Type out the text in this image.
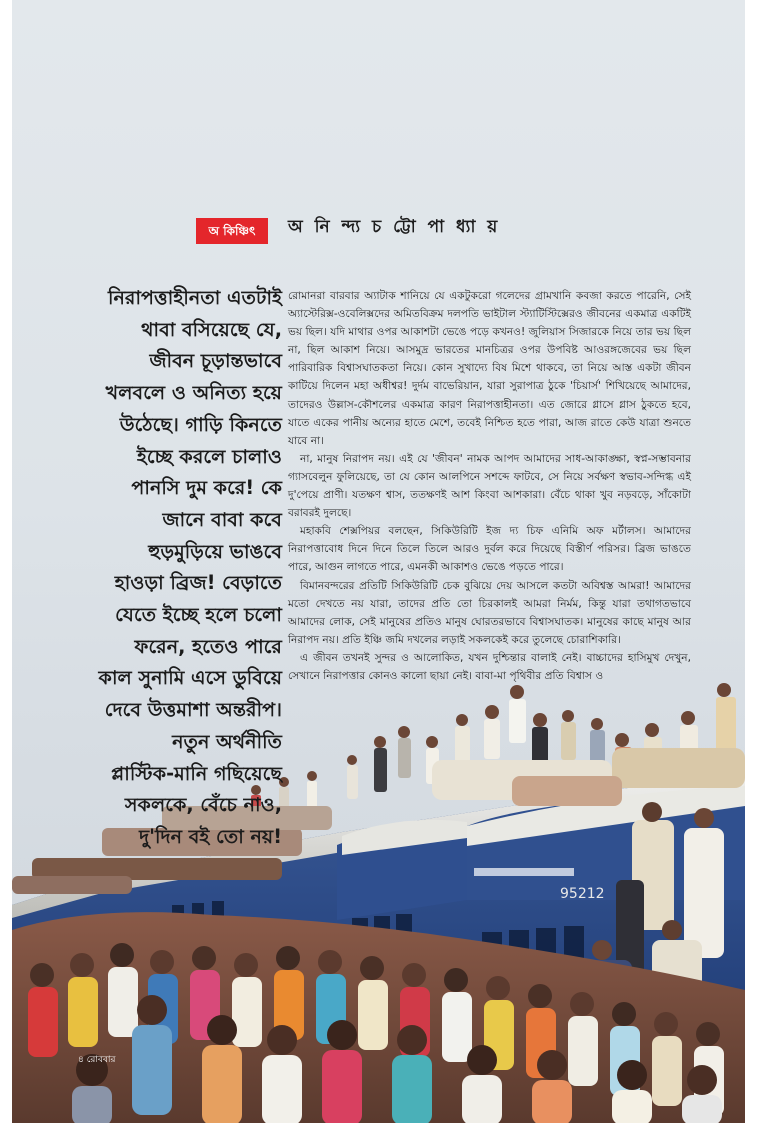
95212
৪ রোববার
অ কিঞ্চিৎ	অ নি ন্দ্য চ ট্টো পা ধ্যা য়

নিরাপত্তাহীনতা এতটাই

থাবা বসিয়েছে যে,

জীবন চূড়ান্তভাবে

খলবলে ও অনিত্য হয়ে

উঠেছে। গাড়ি কিনতে

ইচ্ছে করলে চালাও

পানসি দুম করে! কে

জানে বাবা কবে

হুড়মুড়িয়ে ভাঙবে

হাওড়া ব্রিজ! বেড়াতে

যেতে ইচ্ছে হলে চলো

ফরেন, হতেও পারে

কাল সুনামি এসে ডুবিয়ে

দেবে উত্তমাশা অন্তরীপ।

নতুন অর্থনীতি

প্লাস্টিক-মানি গছিয়েছে

সকলকে, বেঁচে নাও,

দু'দিন বই তো নয়!

রোমানরা বারবার অ্যাটাক শানিয়ে যে একটুকরো গলেদের গ্রামখানি কবজা করতে পারেনি, সেই অ্যাস্টেরিক্স-ওবেলিক্সদের অমিতবিক্রম দলপতি ভাইটাল স্ট্যাটিস্টিক্সেরও জীবনের একমাত্র একটিই ভয় ছিল। যদি মাথার ওপর আকাশটা ভেঙে পড়ে কখনও! জুলিয়াস সিজারকে নিয়ে তার ভয় ছিল না, ছিল আকাশ নিয়ে। আসমুদ্র ভারতের মানচিত্রর ওপর উপবিষ্ট আওরঙ্গজেবের ভয় ছিল পারিবারিক বিশ্বাসঘাতকতা নিয়ে। কোন সুখাদ্যে বিষ মিশে থাকবে, তা নিয়ে আস্ত একটা জীবন কাটিয়ে দিলেন মহা অধীশ্বর! দুর্দম বাভেরিয়ান, যারা সুরাপাত্র ঠুকে 'চিয়ার্স' শিখিয়েছে আমাদের, তাদেরও উল্লাস-কৌশলের একমাত্র কারণ নিরাপত্তাহীনতা। এত জোরে গ্লাসে গ্লাস ঠুকতে হবে, যাতে একের পানীয় অন্যের হাতে মেশে, তবেই নিশ্চিত হতে পারা, আজ রাতে কেউ যাত্রা শুনতে যাবে না।

না, মানুষ নিরাপদ নয়। এই যে 'জীবন' নামক আপদ আমাদের সাধ-আকাঙ্ক্ষা, স্বপ্ন-সম্ভাবনার গ্যাসবেলুন ফুলিয়েছে, তা যে কোন আলপিনে সশব্দে ফাটবে, সে নিয়ে সর্বক্ষণ স্বভাব-সন্দিগ্ধ এই দু'পেয়ে প্রাণী। যতক্ষণ শ্বাস, ততক্ষণই আশ কিংবা আশকারা। বেঁচে থাকা খুব নড়বড়ে, সাঁকোটা বরাবরই দুলছে।

মহাকবি শেক্সপিয়র বলছেন, সিকিউরিটি ইজ দ্য চিফ এনিমি অফ মর্টালস। আমাদের নিরাপত্তাবোধ দিনে দিনে তিলে তিলে আরও দুর্বল করে দিয়েছে বিস্তীর্ণ পরিসর। ব্রিজ ভাঙতে পারে, আগুন লাগতে পারে, এমনকী আকাশও ভেঙে পড়তে পারে।

বিমানবন্দরের প্রতিটি সিকিউরিটি চেক বুঝিয়ে দেয় আসলে কতটা অবিশ্বস্ত আমরা! আমাদের মতো দেখতে নয় যারা, তাদের প্রতি তো চিরকালই আমরা নির্মম, কিন্তু যারা তথাগতভাবে আমাদের লোক, সেই মানুষের প্রতিও মানুষ ঘোরতরভাবে বিশ্বাসঘাতক। মানুষের কাছে মানুষ আর নিরাপদ নয়। প্রতি ইঞ্চি জমি দখলের লড়াই সকলকেই করে তুলেছে চোরাশিকারি।

এ জীবন তখনই সুন্দর ও আলোকিত, যখন দুশ্চিন্তার বালাই নেই। বাচ্চাদের হাসিমুখ দেখুন, সেখানে নিরাপত্তার কোনও কালো ছায়া নেই। বাবা-মা পৃথিবীর প্রতি বিশ্বাস ও
